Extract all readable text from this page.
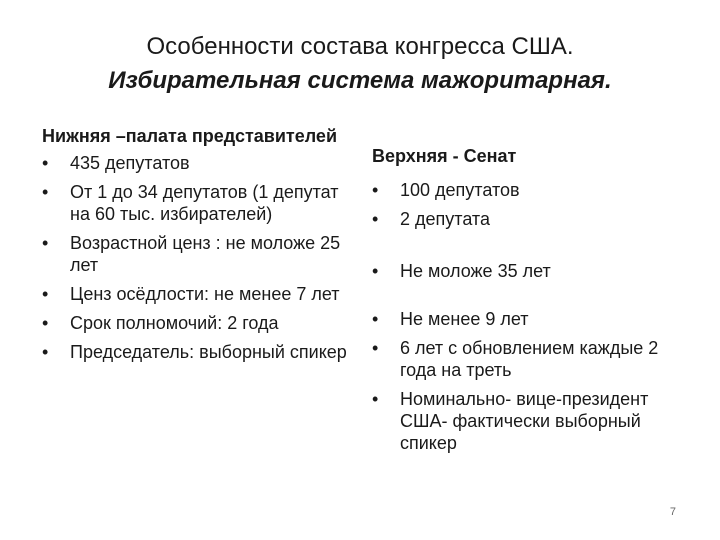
Особенности состава конгресса США.
Избирательная система мажоритарная.
Нижняя –палата представителей
•	435 депутатов
•	От 1 до 34 депутатов (1 депутат на 60 тыс. избирателей)
•	Возрастной ценз : не моложе 25 лет
•	Ценз осёдлости: не менее 7 лет
•	Срок полномочий: 2 года
•	Председатель: выборный спикер
Верхняя - Сенат
•	100 депутатов
•	2 депутата
•	Не моложе 35 лет
•	Не менее 9 лет
•	6 лет с обновлением каждые 2 года на треть
•	Номинально- вице-президент США- фактически выборный спикер
7
